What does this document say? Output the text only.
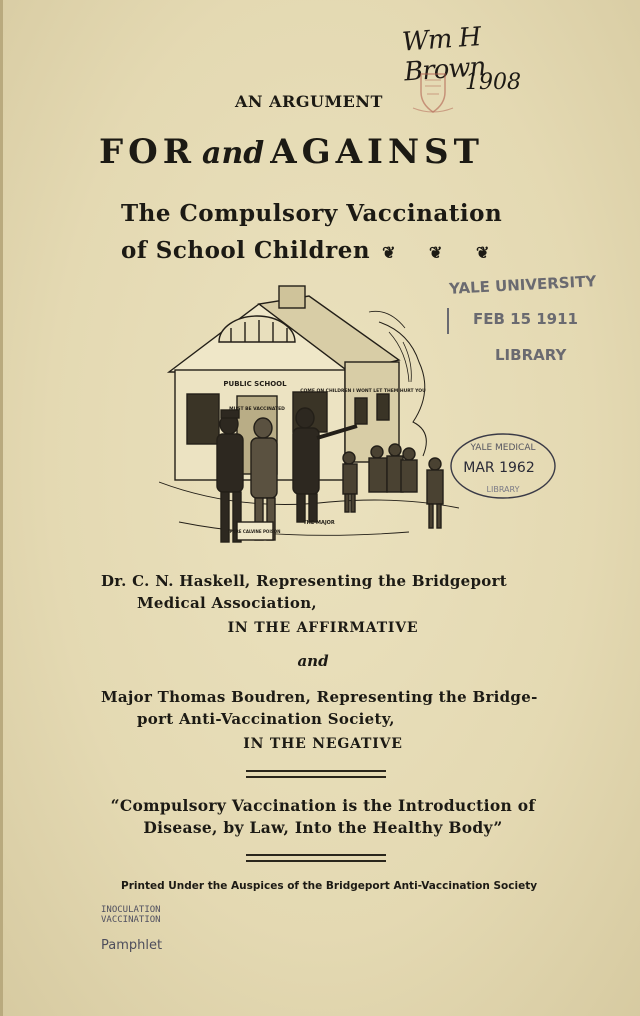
Wm H Brown
1908
AN ARGUMENT
FOR and AGAINST
The Compulsory Vaccination
of School Children ❦ ❦ ❦
YALE UNIVERSITY
FEB 15 1911
LIBRARY
PUBLIC SCHOOL
MUST BE VACCINATED
COME ON CHILDREN I WONT LET THEM HURT YOU
THE MAJOR
PURE CALVINE POISON
YALE MEDICAL
MAR 1962
LIBRARY
Dr. C. N. Haskell, Representing the Bridgeport
Medical Association,
IN THE AFFIRMATIVE
and
Major Thomas Boudren, Representing the Bridge-
port Anti-Vaccination Society,
IN THE NEGATIVE
“Compulsory Vaccination is the Introduction of
Disease, by Law, Into the Healthy Body”
Printed Under the Auspices of the Bridgeport Anti-Vaccination Society
INOCULATION
VACCINATION
Pamphlet
